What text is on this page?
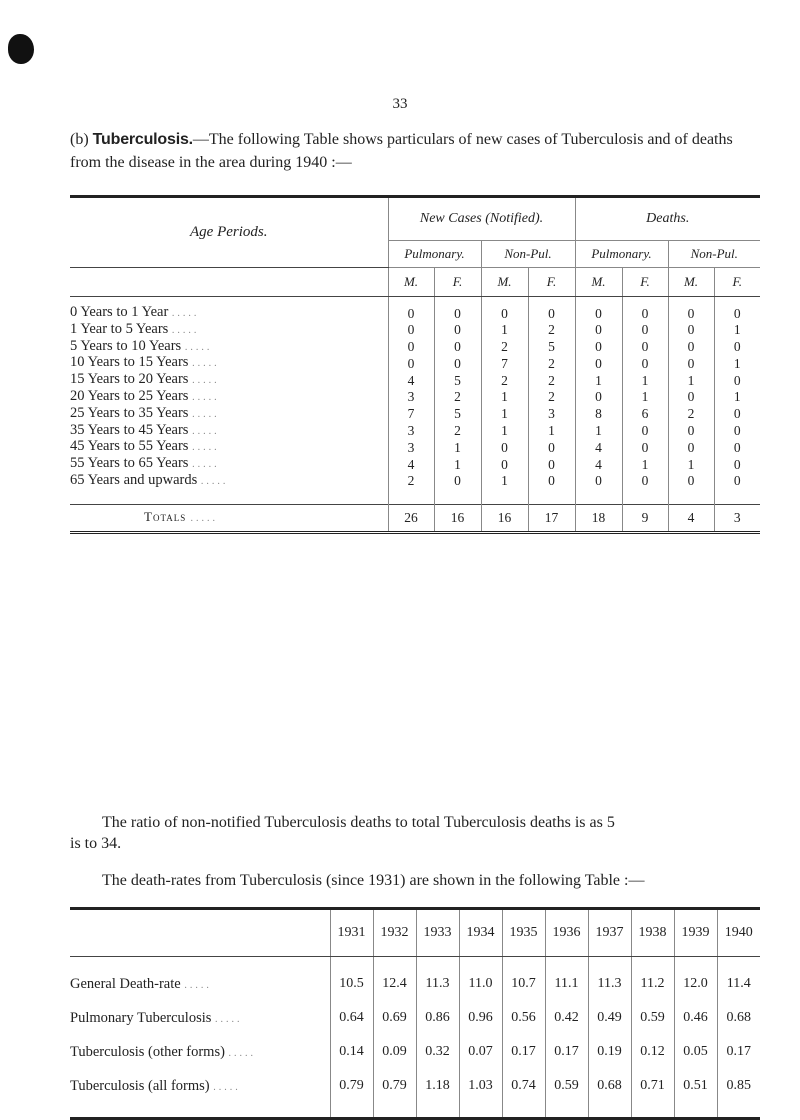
33
(b) Tuberculosis.—The following Table shows particulars of new cases of Tuberculosis and of deaths from the disease in the area during 1940 :—
Age Periods.	New Cases (Notified).				Deaths.			
	Pulmonary.		Non-Pul.		Pulmonary.		Non-Pul.	
	M.	F.	M.	F.	M.	F.	M.	F.
0 Years to 1 Year .....	0	0	0	0	0	0	0	0
1 Year to 5 Years .....	0	0	1	2	0	0	0	1
5 Years to 10 Years .....	0	0	2	5	0	0	0	0
10 Years to 15 Years .....	0	0	7	2	0	0	0	1
15 Years to 20 Years .....	4	5	2	2	1	1	1	0
20 Years to 25 Years .....	3	2	1	2	0	1	0	1
25 Years to 35 Years .....	7	5	1	3	8	6	2	0
35 Years to 45 Years .....	3	2	1	1	1	0	0	0
45 Years to 55 Years .....	3	1	0	0	4	0	0	0
55 Years to 65 Years .....	4	1	0	0	4	1	1	0
65 Years and upwards .....	2	0	1	0	0	0	0	0

Totals .....	26	16	16	17	18	9	4	3
The ratio of non-notified Tuberculosis deaths to total Tuberculosis deaths is as 5
is to 34.
The death-rates from Tuberculosis (since 1931) are shown in the following Table :—
	1931	1932	1933	1934	1935	1936	1937	1938	1939	1940
General Death-rate .....	10.5	12.4	11.3	11.0	10.7	11.1	11.3	11.2	12.0	11.4
Pulmonary Tuberculosis .....	0.64	0.69	0.86	0.96	0.56	0.42	0.49	0.59	0.46	0.68
Tuberculosis (other forms) .....	0.14	0.09	0.32	0.07	0.17	0.17	0.19	0.12	0.05	0.17
Tuberculosis (all forms) .....	0.79	0.79	1.18	1.03	0.74	0.59	0.68	0.71	0.51	0.85
